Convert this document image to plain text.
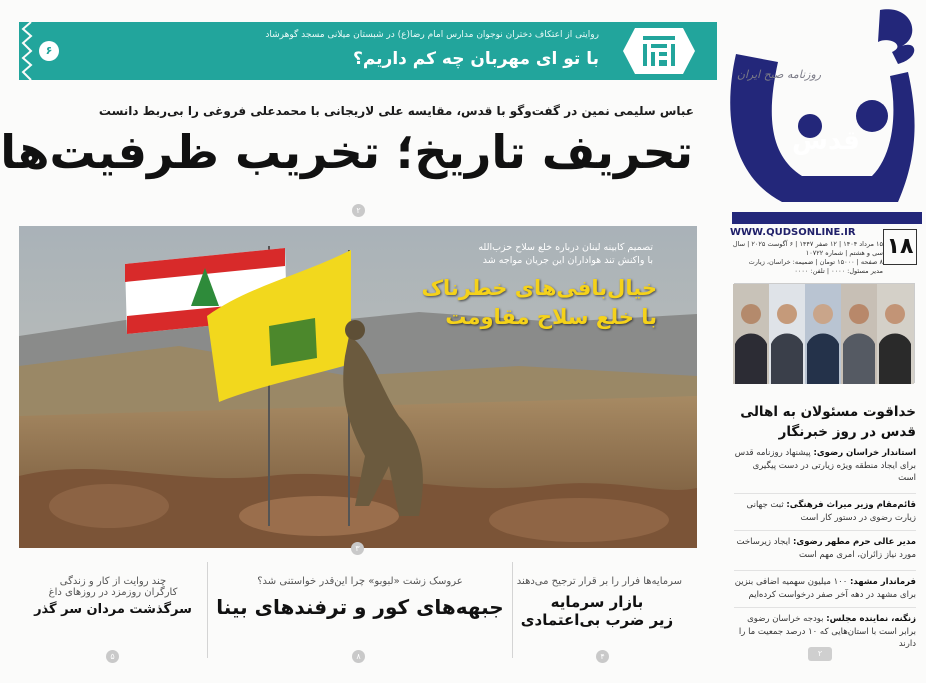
روایتی از اعتکاف دختران نوجوان مدارس امام رضا(ع) در شبستان میلانی مسجد گوهرشاد
با تو ای مهربان چه کم داریم؟
۶
قدس
روزنامه صبح ایران
WWW.QUDSONLINE.IR
۱۵ مرداد ۱۴۰۴ | ۱۲ صفر ۱۴۴۷ | ۶ آگوست ۲۰۲۵ | سال سی و هشتم | شماره ۱۰۷۲۲
۸ صفحه | ۱۵۰۰۰ تومان | ضمیمه: خراسان، زیارت
مدیر مسئول: ۰۰۰۰ | تلفن: ۰۰۰۰
۱۸
عباس سلیمی نمین در گفت‌وگو با قدس، مقایسه علی لاریجانی با محمدعلی فروغی را بی‌ربط دانست
تحریف تاریخ؛ تخریب ظرفیت‌ها
۲
تصمیم کابینه لبنان درباره خلع سلاح حزب‌الله
با واکنش تند هواداران این جریان مواجه شد
خیال‌بافی‌های خطرناک
با خلع سلاح مقاومت
۳
سرمایه‌ها فرار را بر قرار ترجیح می‌دهند
بازار سرمایه
زیر ضرب بی‌اعتمادی
۴
عروسک زشت «لبوبو» چرا این‌قدر خواستنی شد؟
جبهه‌های کور و ترفندهای بینا
۸
چند روایت از کار و زندگی
کارگران روزمزد در روزهای داغ
سرگذشت مردان سر گذر
۵
خداقوت مسئولان به اهالی قدس در روز خبرنگار
استاندار خراسان رضوی: پیشنهاد روزنامه قدس برای ایجاد منطقه ویژه زیارتی در دست پیگیری است
قائم‌مقام وزیر میراث فرهنگی: ثبت جهانی زیارت رضوی در دستور کار است
مدیر عالی حرم مطهر رضوی: ایجاد زیرساخت مورد نیاز زائران، امری مهم است
فرماندار مشهد: ۱۰۰ میلیون سهمیه اضافی بنزین برای مشهد در دهه آخر صفر درخواست کرده‌ایم
زنگنه، نماینده مجلس: بودجه خراسان رضوی برابر است با استان‌هایی که ۱۰ درصد جمعیت ما را دارند
۲
